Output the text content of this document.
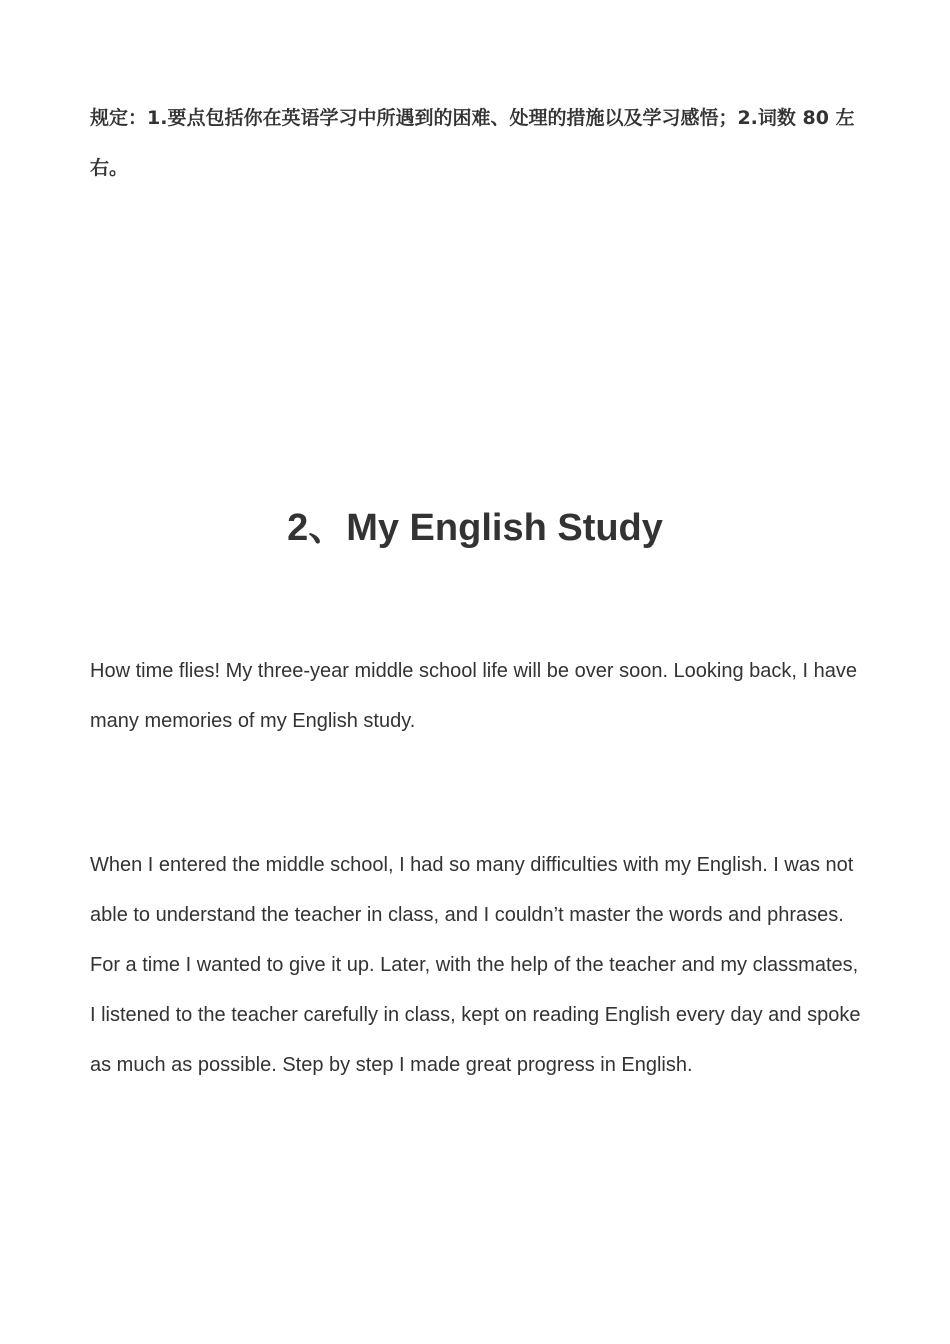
规定：1.要点包括你在英语学习中所遇到的困难、处理的措施以及学习感悟；2.词数 80 左右。

2、My English Study

How time flies! My three-year middle school life will be over soon. Looking back, I have many memories of my English study.

When I entered the middle school, I had so many difficulties with my English. I was not able to understand the teacher in class, and I couldn’t master the words and phrases. For a time I wanted to give it up. Later, with the help of the teacher and my classmates, I listened to the teacher carefully in class, kept on reading English every day and spoke as much as possible. Step by step I made great progress in English.
